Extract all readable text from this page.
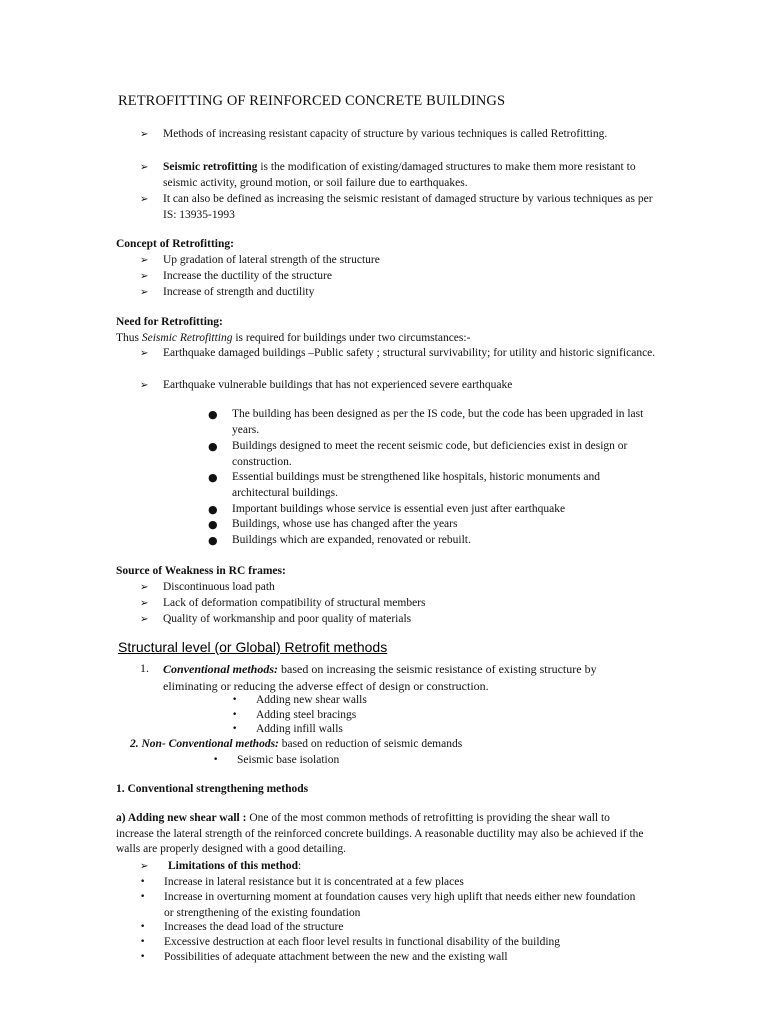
RETROFITTING OF REINFORCED CONCRETE BUILDINGS
➢	Methods of increasing resistant capacity of structure by various techniques is called Retrofitting.
➢	Seismic retrofitting is the modification of existing/damaged structures to make them more resistant to seismic activity, ground motion, or soil failure due to earthquakes.
➢	It can also be defined as increasing the seismic resistant of damaged structure by various techniques as per IS: 13935-1993
Concept of Retrofitting:
➢	Up gradation of lateral strength of the structure
➢	Increase the ductility of the structure
➢	Increase of strength and ductility
Need for Retrofitting:
Thus Seismic Retrofitting is required for buildings under two circumstances:-
➢	Earthquake damaged buildings –Public safety ; structural survivability; for utility and historic significance.
➢	Earthquake vulnerable buildings that has not experienced severe earthquake
● The building has been designed as per the IS code, but the code has been upgraded in last years.
● Buildings designed to meet the recent seismic code, but deficiencies exist in design or construction.
● Essential buildings must be strengthened like hospitals, historic monuments and architectural buildings.
● Important buildings whose service is essential even just after earthquake
● Buildings, whose use has changed after the years
● Buildings which are expanded, renovated or rebuilt.
Source of Weakness in RC frames:
➢	Discontinuous load path
➢	Lack of deformation compatibility of structural members
➢	Quality of workmanship and poor quality of materials
Structural level (or Global) Retrofit methods
1. Conventional methods: based on increasing the seismic resistance of existing structure by eliminating or reducing the adverse effect of design or construction.
• Adding new shear walls
• Adding steel bracings
• Adding infill walls
2. Non- Conventional methods: based on reduction of seismic demands
• Seismic base isolation
1. Conventional strengthening methods
a) Adding new shear wall : One of the most common methods of retrofitting is providing the shear wall to increase the lateral strength of the reinforced concrete buildings. A reasonable ductility may also be achieved if the walls are properly designed with a good detailing.
➢	Limitations of this method:
• Increase in lateral resistance but it is concentrated at a few places
• Increase in overturning moment at foundation causes very high uplift that needs either new foundation or strengthening of the existing foundation
• Increases the dead load of the structure
• Excessive destruction at each floor level results in functional disability of the building
• Possibilities of adequate attachment between the new and the existing wall
